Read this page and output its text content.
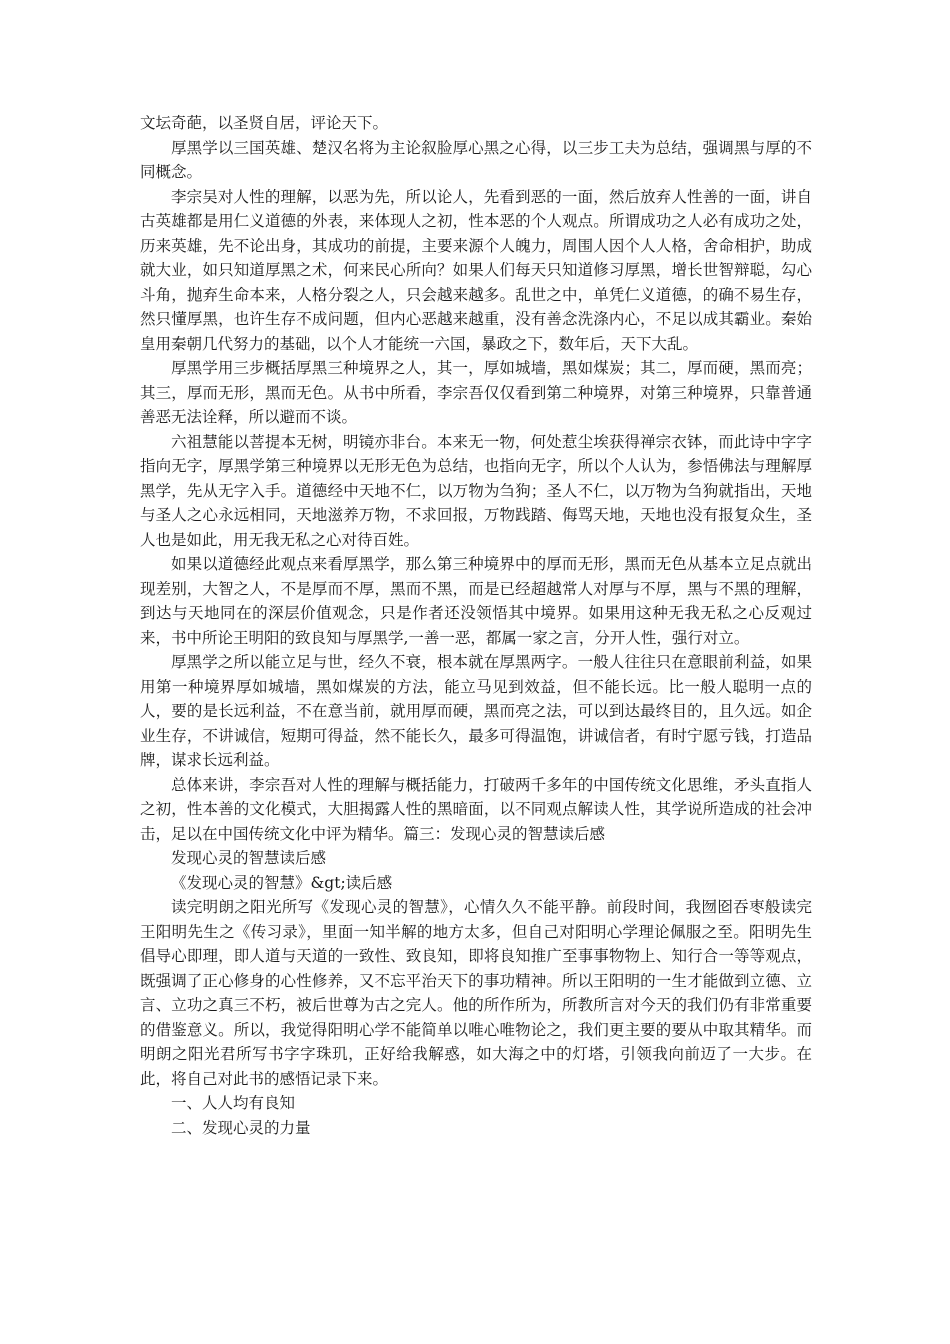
文坛奇葩，以圣贤自居，评论天下。

厚黑学以三国英雄、楚汉名将为主论叙脸厚心黑之心得，以三步工夫为总结，强调黑与厚的不同概念。

李宗吴对人性的理解，以恶为先，所以论人，先看到恶的一面，然后放弃人性善的一面，讲自古英雄都是用仁义道德的外表，来体现人之初，性本恶的个人观点。所谓成功之人必有成功之处，历来英雄，先不论出身，其成功的前提，主要来源个人魄力，周围人因个人人格，舍命相护，助成就大业，如只知道厚黑之术，何来民心所向？如果人们每天只知道修习厚黑，增长世智辩聪，勾心斗角，抛弃生命本来，人格分裂之人，只会越来越多。乱世之中，单凭仁义道德，的确不易生存，然只懂厚黑，也许生存不成问题，但内心恶越来越重，没有善念洗涤内心，不足以成其霸业。秦始皇用秦朝几代努力的基础，以个人才能统一六国，暴政之下，数年后，天下大乱。

厚黑学用三步概括厚黑三种境界之人，其一，厚如城墙，黑如煤炭；其二，厚而硬，黑而亮；其三，厚而无形，黑而无色。从书中所看，李宗吾仅仅看到第二种境界，对第三种境界，只靠普通善恶无法诠释，所以避而不谈。

六祖慧能以菩提本无树，明镜亦非台。本来无一物，何处惹尘埃获得禅宗衣钵，而此诗中字字指向无字，厚黑学第三种境界以无形无色为总结，也指向无字，所以个人认为，参悟佛法与理解厚黑学，先从无字入手。道德经中天地不仁，以万物为刍狗；圣人不仁，以万物为刍狗就指出，天地与圣人之心永远相同，天地滋养万物，不求回报，万物践踏、侮骂天地，天地也没有报复众生，圣人也是如此，用无我无私之心对待百姓。

如果以道德经此观点来看厚黑学，那么第三种境界中的厚而无形，黑而无色从基本立足点就出现差别，大智之人，不是厚而不厚，黑而不黑，而是已经超越常人对厚与不厚，黑与不黑的理解，到达与天地同在的深层价值观念，只是作者还没领悟其中境界。如果用这种无我无私之心反观过来，书中所论王明阳的致良知与厚黑学,一善一恶，都属一家之言，分开人性，强行对立。

厚黑学之所以能立足与世，经久不衰，根本就在厚黑两字。一般人往往只在意眼前利益，如果用第一种境界厚如城墙，黑如煤炭的方法，能立马见到效益，但不能长远。比一般人聪明一点的人，要的是长远利益，不在意当前，就用厚而硬，黑而亮之法，可以到达最终目的，且久远。如企业生存，不讲诚信，短期可得益，然不能长久，最多可得温饱，讲诚信者，有时宁愿亏钱，打造品牌，谋求长远利益。

总体来讲，李宗吾对人性的理解与概括能力，打破两千多年的中国传统文化思维，矛头直指人之初，性本善的文化模式，大胆揭露人性的黑暗面，以不同观点解读人性，其学说所造成的社会冲击，足以在中国传统文化中评为精华。篇三：发现心灵的智慧读后感

发现心灵的智慧读后感

《发现心灵的智慧》&gt;读后感

读完明朗之阳光所写《发现心灵的智慧》，心情久久不能平静。前段时间，我囫囵吞枣般读完王阳明先生之《传习录》，里面一知半解的地方太多，但自己对阳明心学理论佩服之至。阳明先生倡导心即理，即人道与天道的一致性、致良知，即将良知推广至事事物物上、知行合一等等观点，既强调了正心修身的心性修养，又不忘平治天下的事功精神。所以王阳明的一生才能做到立德、立言、立功之真三不朽，被后世尊为古之完人。他的所作所为，所教所言对今天的我们仍有非常重要的借鉴意义。所以，我觉得阳明心学不能简单以唯心唯物论之，我们更主要的要从中取其精华。而明朗之阳光君所写书字字珠玑，正好给我解惑，如大海之中的灯塔，引领我向前迈了一大步。在此，将自己对此书的感悟记录下来。

一、人人均有良知

二、发现心灵的力量
